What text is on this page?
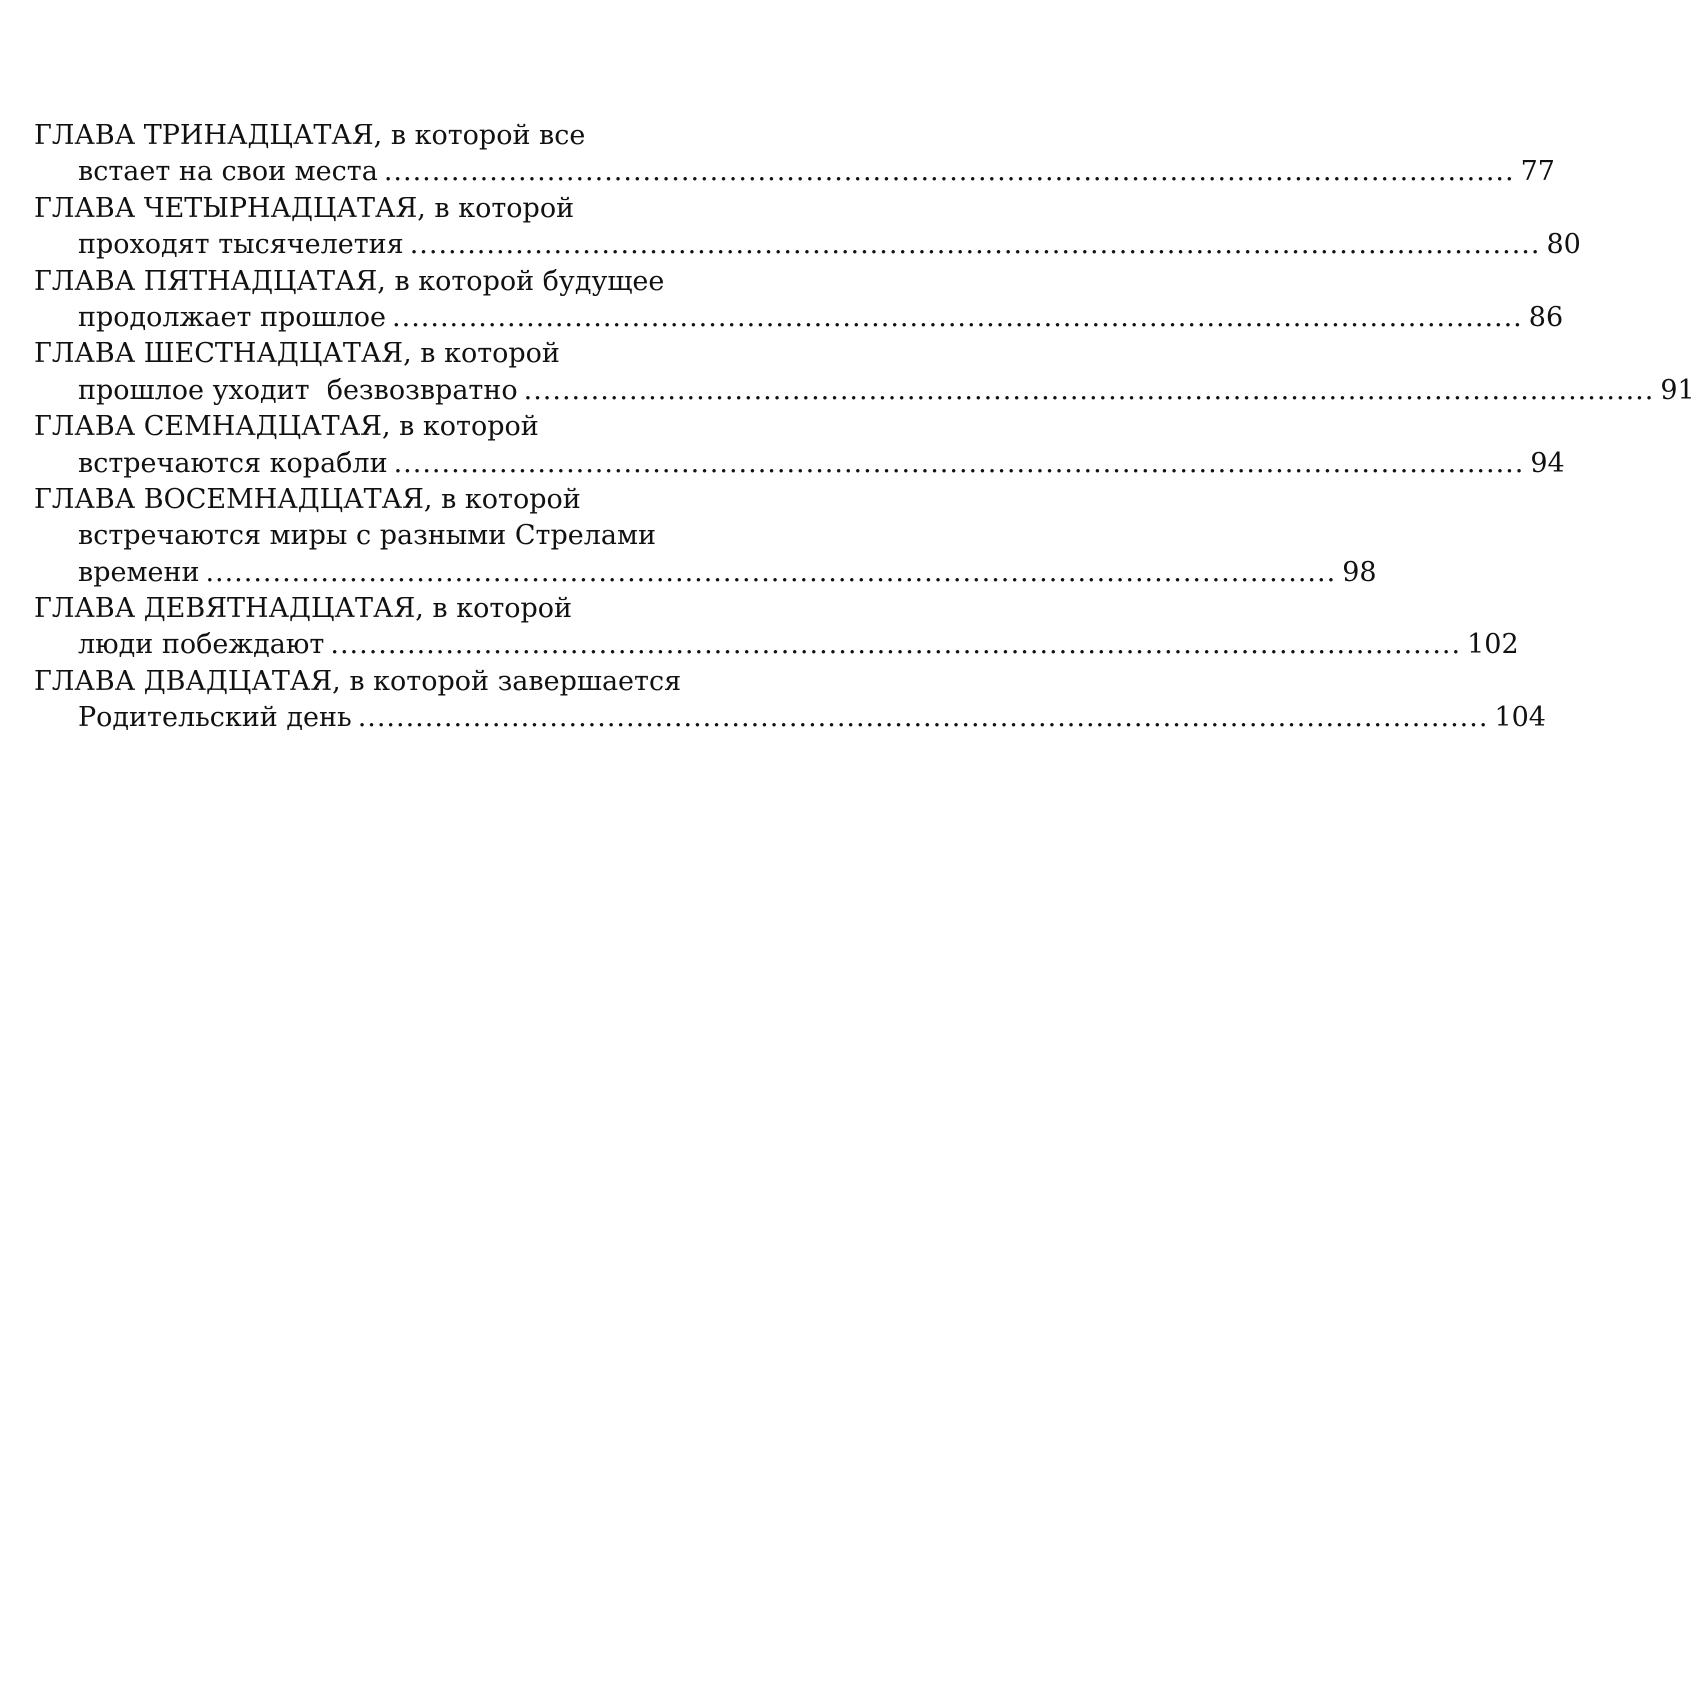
ГЛАВА ТРИНАДЦАТАЯ, в которой все
встает на свои места ...................................................................................................................... 77
ГЛАВА ЧЕТЫРНАДЦАТАЯ, в которой
проходят тысячелетия ...................................................................................................................... 80
ГЛАВА ПЯТНАДЦАТАЯ, в которой будущее
продолжает прошлое ...................................................................................................................... 86
ГЛАВА ШЕСТНАДЦАТАЯ, в которой
прошлое уходит  безвозвратно ...................................................................................................................... 91
ГЛАВА СЕМНАДЦАТАЯ, в которой
встречаются корабли ...................................................................................................................... 94
ГЛАВА ВОСЕМНАДЦАТАЯ, в которой
встречаются миры с разными Стрелами
времени ...................................................................................................................... 98
ГЛАВА ДЕВЯТНАДЦАТАЯ, в которой
люди побеждают ...................................................................................................................... 102
ГЛАВА ДВАДЦАТАЯ, в которой завершается
Родительский день ...................................................................................................................... 104
